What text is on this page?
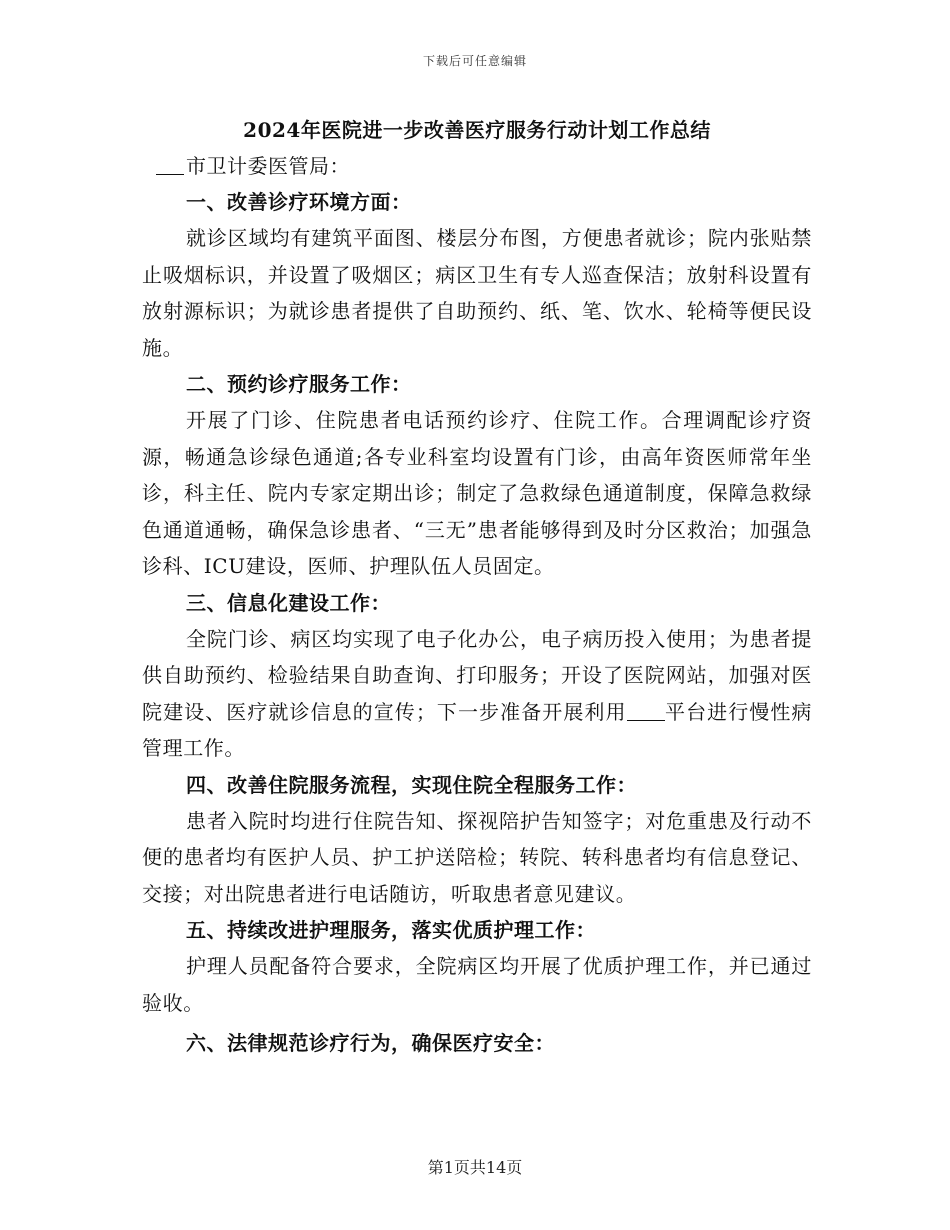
下载后可任意编辑
2024年医院进一步改善医疗服务行动计划工作总结

市卫计委医管局：

一、改善诊疗环境方面：

就诊区域均有建筑平面图、楼层分布图，方便患者就诊；院内张贴禁止吸烟标识，并设置了吸烟区；病区卫生有专人巡查保洁；放射科设置有放射源标识；为就诊患者提供了自助预约、纸、笔、饮水、轮椅等便民设施。

二、预约诊疗服务工作：

开展了门诊、住院患者电话预约诊疗、住院工作。合理调配诊疗资源，畅通急诊绿色通道;各专业科室均设置有门诊，由高年资医师常年坐诊，科主任、院内专家定期出诊；制定了急救绿色通道制度，保障急救绿色通道通畅，确保急诊患者、“三无”患者能够得到及时分区救治；加强急诊科、ICU建设，医师、护理队伍人员固定。

三、信息化建设工作：

全院门诊、病区均实现了电子化办公，电子病历投入使用；为患者提供自助预约、检验结果自助查询、打印服务；开设了医院网站，加强对医院建设、医疗就诊信息的宣传；下一步准备开展利用 平台进行慢性病管理工作。

四、改善住院服务流程，实现住院全程服务工作：

患者入院时均进行住院告知、探视陪护告知签字；对危重患及行动不便的患者均有医护人员、护工护送陪检；转院、转科患者均有信息登记、交接；对出院患者进行电话随访，听取患者意见建议。

五、持续改进护理服务，落实优质护理工作：

护理人员配备符合要求，全院病区均开展了优质护理工作，并已通过验收。

六、法律规范诊疗行为，确保医疗安全：

第1页共14页
